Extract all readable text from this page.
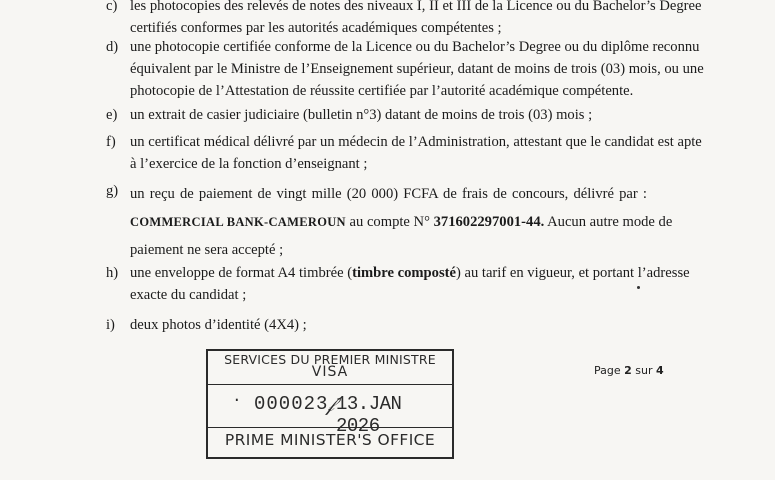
c) les photocopies des relevés de notes des niveaux I, II et III de la Licence ou du Bachelor’s Degree

certifiés conformes par les autorités académiques compétentes ;

d) une photocopie certifiée conforme de la Licence ou du Bachelor’s Degree ou du diplôme reconnu

équivalent par le Ministre de l’Enseignement supérieur, datant de moins de trois (03) mois, ou une

photocopie de l’Attestation de réussite certifiée par l’autorité académique compétente.

e) un extrait de casier judiciaire (bulletin n°3) datant de moins de trois (03) mois ;

f) un certificat médical délivré par un médecin de l’Administration, attestant que le candidat est apte

à l’exercice de la fonction d’enseignant ;

g) un reçu de paiement de vingt mille (20 000) FCFA de frais de concours, délivré par :

COMMERCIAL BANK-CAMEROUN au compte N° 371602297001-44. Aucun autre mode de

paiement ne sera accepté ;

h) une enveloppe de format A4 timbrée (timbre composté) au tarif en vigueur, et portant l’adresse

exacte du candidat ;

i)	deux photos d’identité (4X4) ;

SERVICES DU PREMIER MINISTRE
VISA
· 000023
𝒻 13.JAN 2026
PRIME MINISTER'S OFFICE
Page 2 sur 4
